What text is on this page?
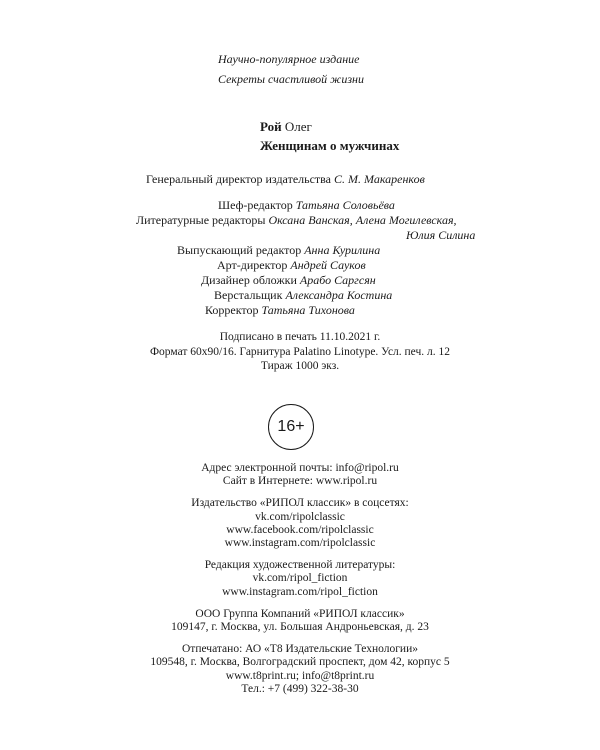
Научно-популярное издание
Секреты счастливой жизни
Рой Олег
Женщинам о мужчинах
Генеральный директор издательства С. М. Макаренков
Шеф-редактор Татьяна Соловьёва
Литературные редакторы Оксана Ванская, Алена Могилевская,
Юлия Силина
Выпускающий редактор Анна Курилина
Арт-директор Андрей Сауков
Дизайнер обложки Арабо Саргсян
Верстальщик Александра Костина
Корректор Татьяна Тихонова
Подписано в печать 11.10.2021 г.
Формат 60х90/16. Гарнитура Palatino Linotype. Усл. печ. л. 12
Тираж 1000 экз.
16+
Адрес электронной почты: info@ripol.ru
Сайт в Интернете: www.ripol.ru
Издательство «РИПОЛ классик» в соцсетях:
vk.com/ripolclassic
www.facebook.com/ripolclassic
www.instagram.com/ripolclassic
Редакция художественной литературы:
vk.com/ripol_fiction
www.instagram.com/ripol_fiction
ООО Группа Компаний «РИПОЛ классик»
109147, г. Москва, ул. Большая Андроньевская, д. 23
Отпечатано: АО «Т8 Издательские Технологии»
109548, г. Москва, Волгоградский проспект, дом 42, корпус 5
www.t8print.ru; info@t8print.ru
Тел.: +7 (499) 322-38-30
